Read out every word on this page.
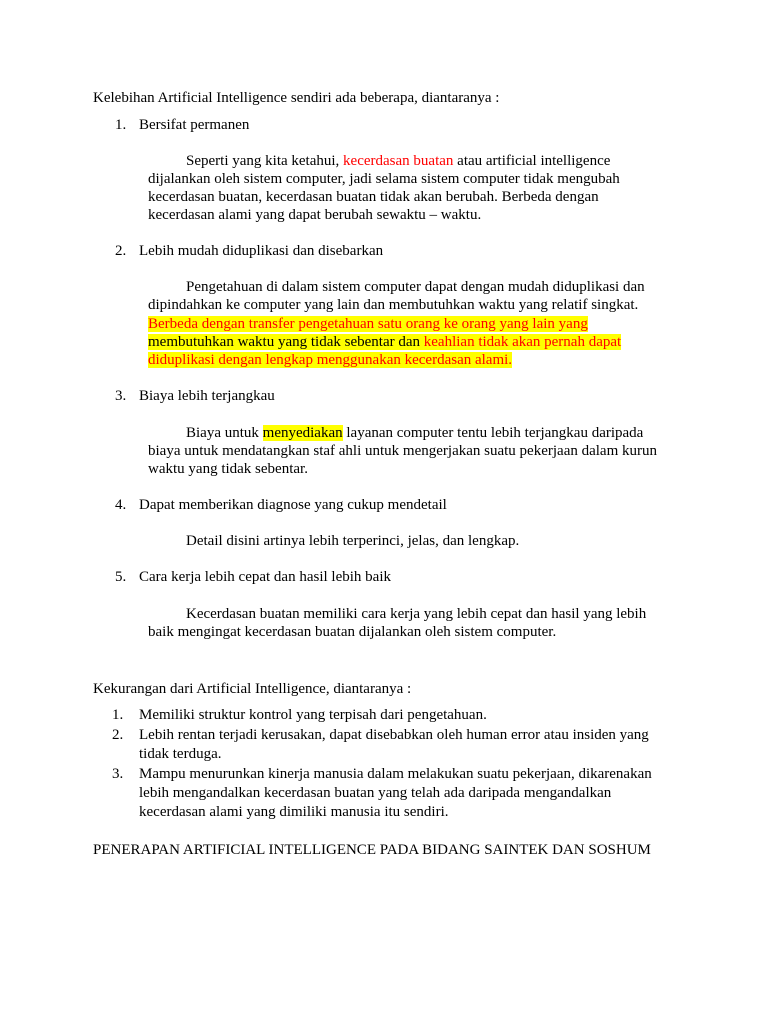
Kelebihan Artificial Intelligence sendiri ada beberapa, diantaranya :
1. Bersifat permanen
Seperti yang kita ketahui, kecerdasan buatan atau artificial intelligence
dijalankan oleh sistem computer, jadi selama sistem computer tidak mengubah
kecerdasan buatan, kecerdasan buatan tidak akan berubah. Berbeda dengan
kecerdasan alami yang dapat berubah sewaktu – waktu.
2. Lebih mudah diduplikasi dan disebarkan
Pengetahuan di dalam sistem computer dapat dengan mudah diduplikasi dan
dipindahkan ke computer yang lain dan membutuhkan waktu yang relatif singkat.
Berbeda dengan transfer pengetahuan satu orang ke orang yang lain yang
membutuhkan waktu yang tidak sebentar dan keahlian tidak akan pernah dapat
diduplikasi dengan lengkap menggunakan kecerdasan alami.
3. Biaya lebih terjangkau
Biaya untuk menyediakan layanan computer tentu lebih terjangkau daripada
biaya untuk mendatangkan staf ahli untuk mengerjakan suatu pekerjaan dalam kurun
waktu yang tidak sebentar.
4. Dapat memberikan diagnose yang cukup mendetail
Detail disini artinya lebih terperinci, jelas, dan lengkap.
5. Cara kerja lebih cepat dan hasil lebih baik
Kecerdasan buatan memiliki cara kerja yang lebih cepat dan hasil yang lebih
baik mengingat kecerdasan buatan dijalankan oleh sistem computer.
Kekurangan dari Artificial Intelligence, diantaranya :
1. Memiliki struktur kontrol yang terpisah dari pengetahuan.
2. Lebih rentan terjadi kerusakan, dapat disebabkan oleh human error atau insiden yang
tidak terduga.
3. Mampu menurunkan kinerja manusia dalam melakukan suatu pekerjaan, dikarenakan
lebih mengandalkan kecerdasan buatan yang telah ada daripada mengandalkan
kecerdasan alami yang dimiliki manusia itu sendiri.
PENERAPAN ARTIFICIAL INTELLIGENCE PADA BIDANG SAINTEK DAN SOSHUM
